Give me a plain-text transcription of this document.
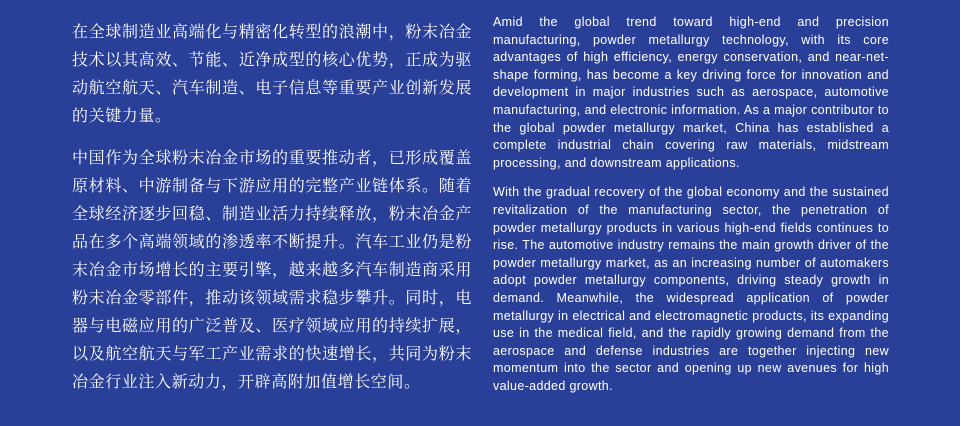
在全球制造业高端化与精密化转型的浪潮中，粉末冶金技术以其高效、节能、近净成型的核心优势，正成为驱动航空航天、汽车制造、电子信息等重要产业创新发展的关键力量。

中国作为全球粉末冶金市场的重要推动者，已形成覆盖原材料、中游制备与下游应用的完整产业链体系。随着全球经济逐步回稳、制造业活力持续释放，粉末冶金产品在多个高端领域的渗透率不断提升。汽车工业仍是粉末冶金市场增长的主要引擎，越来越多汽车制造商采用粉末冶金零部件，推动该领域需求稳步攀升。同时，电器与电磁应用的广泛普及、医疗领域应用的持续扩展，以及航空航天与军工产业需求的快速增长，共同为粉末冶金行业注入新动力，开辟高附加值增长空间。

Amid the global trend toward high-end and precision manufacturing, powder metallurgy technology, with its core advantages of high efficiency, energy conservation, and near-net-shape forming, has become a key driving force for innovation and development in major industries such as aerospace, automotive manufacturing, and electronic information. As a major contributor to the global powder metallurgy market, China has established a complete industrial chain covering raw materials, midstream processing, and downstream applications.

With the gradual recovery of the global economy and the sustained revitalization of the manufacturing sector, the penetration of powder metallurgy products in various high-end fields continues to rise. The automotive industry remains the main growth driver of the powder metallurgy market, as an increasing number of automakers adopt powder metallurgy components, driving steady growth in demand. Meanwhile, the widespread application of powder metallurgy in electrical and electromagnetic products, its expanding use in the medical field, and the rapidly growing demand from the aerospace and defense industries are together injecting new momentum into the sector and opening up new avenues for high value-added growth.
